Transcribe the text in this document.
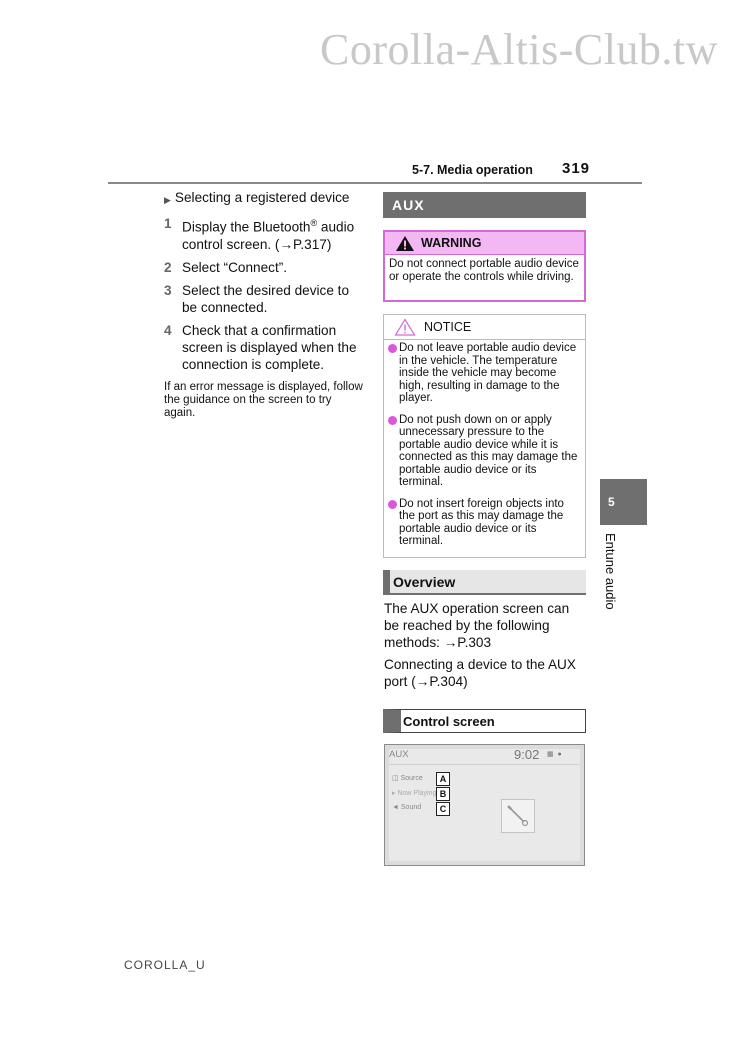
Corolla-Altis-Club.tw
5-7. Media operation 319
▶ Selecting a registered device
1 Display the Bluetooth® audio control screen. (→P.317)
2 Select “Connect”.
3 Select the desired device to be connected.
4 Check that a confirmation screen is displayed when the connection is complete.
If an error message is displayed, follow the guidance on the screen to try again.
AUX
WARNING
Do not connect portable audio device or operate the controls while driving.
NOTICE
Do not leave portable audio device in the vehicle. The temperature inside the vehicle may become high, resulting in damage to the player.
Do not push down on or apply unnecessary pressure to the portable audio device while it is connected as this may damage the portable audio device or its terminal.
Do not insert foreign objects into the port as this may damage the portable audio device or its terminal.
Overview
The AUX operation screen can be reached by the following methods: →P.303
Connecting a device to the AUX port (→P.304)
Control screen
AUX	9:02 ▦ ●
◫ Source	A
▸ Now Playing B
◄ Sound	C
5
Entune audio
COROLLA_U
